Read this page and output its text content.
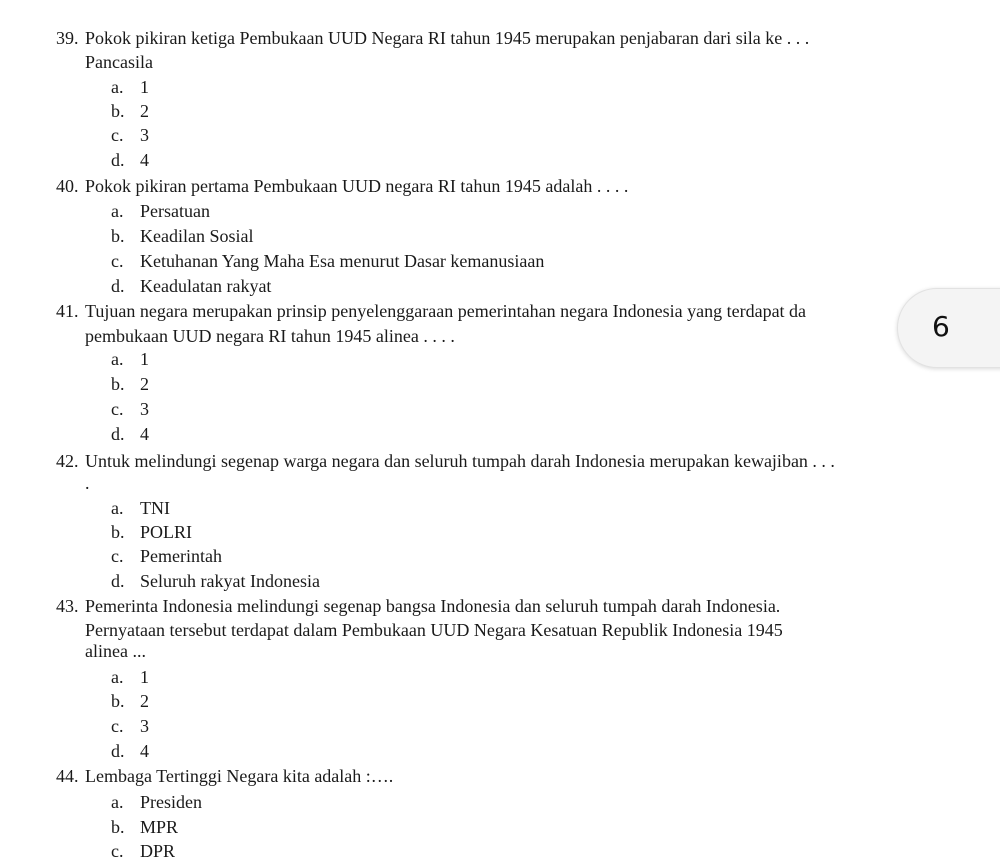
39. Pokok pikiran ketiga Pembukaan UUD Negara RI tahun 1945 merupakan penjabaran dari sila ke . . .
Pancasila
a. 1
b. 2
c. 3
d. 4
40. Pokok pikiran pertama Pembukaan UUD negara RI tahun 1945 adalah . . . .
a. Persatuan
b. Keadilan Sosial
c. Ketuhanan Yang Maha Esa menurut Dasar kemanusiaan
d. Keadulatan rakyat
41. Tujuan negara merupakan prinsip penyelenggaraan pemerintahan negara Indonesia yang terdapat da
pembukaan UUD negara RI tahun 1945 alinea . . . .
a. 1
b. 2
c. 3
d. 4
42. Untuk melindungi segenap warga negara dan seluruh tumpah darah Indonesia merupakan kewajiban . . .
.
a. TNI
b. POLRI
c. Pemerintah
d. Seluruh rakyat Indonesia
43. Pemerinta Indonesia melindungi segenap bangsa Indonesia dan seluruh tumpah darah Indonesia.
Pernyataan tersebut terdapat dalam Pembukaan UUD Negara Kesatuan Republik Indonesia 1945
alinea ...
a. 1
b. 2
c. 3
d. 4
44. Lembaga Tertinggi Negara kita adalah :….
a. Presiden
b. MPR
c. DPR
6
